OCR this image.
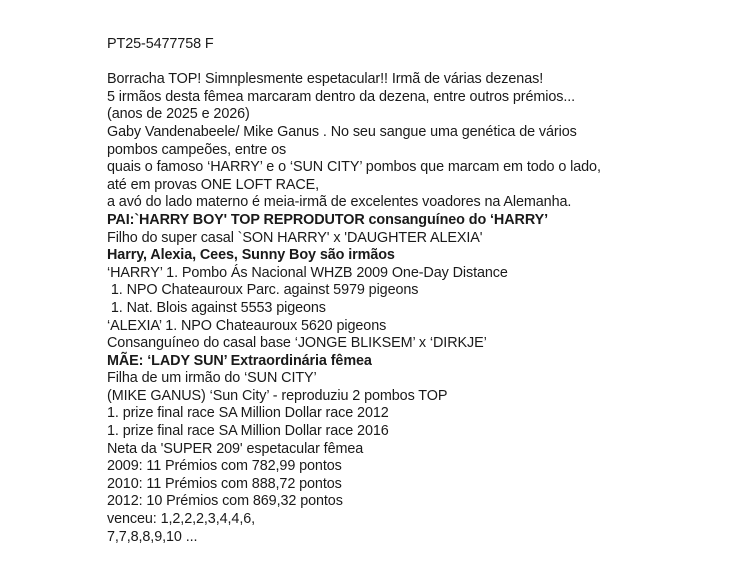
PT25-5477758 F
Borracha TOP! Simnplesmente espetacular!! Irmã de várias dezenas!
5 irmãos desta fêmea marcaram dentro da dezena, entre outros prémios...
(anos de 2025 e 2026)
Gaby Vandenabeele/ Mike Ganus . No seu sangue uma genética de vários
pombos campeões, entre os
quais o famoso ‘HARRY’ e o ‘SUN CITY’ pombos que marcam em todo o lado,
até em provas ONE LOFT RACE,
a avó do lado materno é meia-irmã de excelentes voadores na Alemanha.
PAI:`HARRY BOY' TOP REPRODUTOR consanguíneo do ‘HARRY’
Filho do super casal `SON HARRY' x 'DAUGHTER ALEXIA'
Harry, Alexia, Cees, Sunny Boy são irmãos
‘HARRY’ 1. Pombo Ás Nacional WHZB 2009 One-Day Distance
1. NPO Chateauroux Parc. against 5979 pigeons
1. Nat. Blois against 5553 pigeons
‘ALEXIA’ 1. NPO Chateauroux 5620 pigeons
Consanguíneo do casal base ‘JONGE BLIKSEM’ x ‘DIRKJE’
MÃE: ‘LADY SUN’ Extraordinária fêmea
Filha de um irmão do ‘SUN CITY’
(MIKE GANUS) ‘Sun City’ - reproduziu 2 pombos TOP
1. prize final race SA Million Dollar race 2012
1. prize final race SA Million Dollar race 2016
Neta da 'SUPER 209' espetacular fêmea
2009: 11 Prémios com 782,99 pontos
2010: 11 Prémios com 888,72 pontos
2012: 10 Prémios com 869,32 pontos
venceu: 1,2,2,2,3,4,4,6,
7,7,8,8,9,10 ...
